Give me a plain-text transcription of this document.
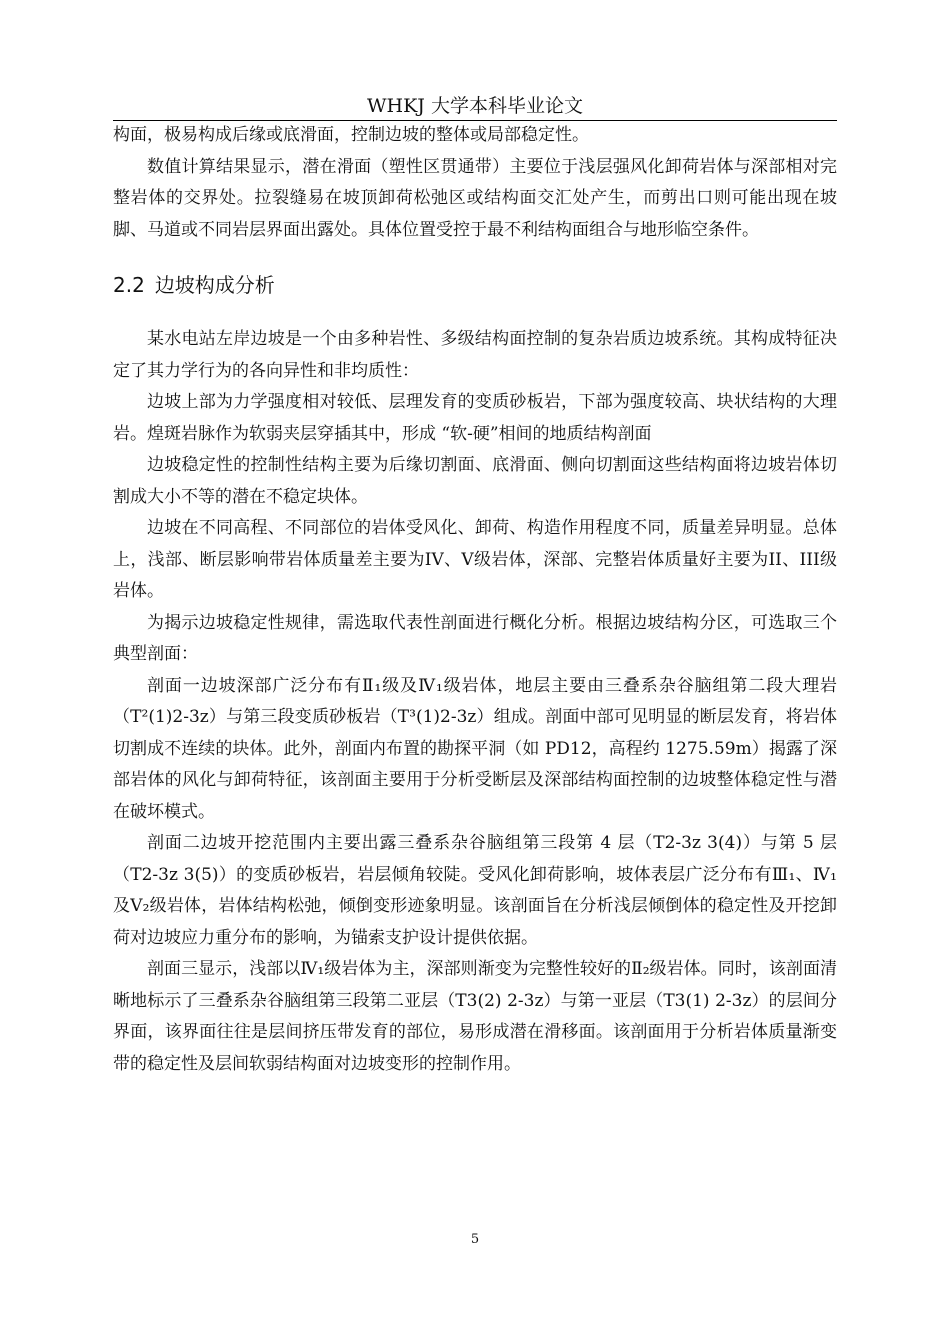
WHKJ 大学本科毕业论文

构面，极易构成后缘或底滑面，控制边坡的整体或局部稳定性。

数值计算结果显示，潜在滑面（塑性区贯通带）主要位于浅层强风化卸荷岩体与深部相对完整岩体的交界处。拉裂缝易在坡顶卸荷松弛区或结构面交汇处产生，而剪出口则可能出现在坡脚、马道或不同岩层界面出露处。具体位置受控于最不利结构面组合与地形临空条件。

2.2 边坡构成分析

某水电站左岸边坡是一个由多种岩性、多级结构面控制的复杂岩质边坡系统。其构成特征决定了其力学行为的各向异性和非均质性：

边坡上部为力学强度相对较低、层理发育的变质砂板岩，下部为强度较高、块状结构的大理岩。煌斑岩脉作为软弱夹层穿插其中，形成 “软-硬”相间的地质结构剖面

边坡稳定性的控制性结构主要为后缘切割面、底滑面、侧向切割面这些结构面将边坡岩体切割成大小不等的潜在不稳定块体。

边坡在不同高程、不同部位的岩体受风化、卸荷、构造作用程度不同，质量差异明显。总体上，浅部、断层影响带岩体质量差主要为IV、V级岩体，深部、完整岩体质量好主要为II、III级岩体。

为揭示边坡稳定性规律，需选取代表性剖面进行概化分析。根据边坡结构分区，可选取三个典型剖面：

剖面一边坡深部广泛分布有Ⅱ₁级及Ⅳ₁级岩体，地层主要由三叠系杂谷脑组第二段大理岩（T²(1)2-3z）与第三段变质砂板岩（T³(1)2-3z）组成。剖面中部可见明显的断层发育，将岩体切割成不连续的块体。此外，剖面内布置的勘探平洞（如 PD12，高程约 1275.59m）揭露了深部岩体的风化与卸荷特征，该剖面主要用于分析受断层及深部结构面控制的边坡整体稳定性与潜在破坏模式。

剖面二边坡开挖范围内主要出露三叠系杂谷脑组第三段第 4 层（T2-3z 3(4)）与第 5 层（T2-3z 3(5)）的变质砂板岩，岩层倾角较陡。受风化卸荷影响，坡体表层广泛分布有Ⅲ₁、Ⅳ₁及Ⅴ₂级岩体，岩体结构松弛，倾倒变形迹象明显。该剖面旨在分析浅层倾倒体的稳定性及开挖卸荷对边坡应力重分布的影响，为锚索支护设计提供依据。

剖面三显示，浅部以Ⅳ₁级岩体为主，深部则渐变为完整性较好的Ⅱ₂级岩体。同时，该剖面清晰地标示了三叠系杂谷脑组第三段第二亚层（T3(2) 2-3z）与第一亚层（T3(1) 2-3z）的层间分界面，该界面往往是层间挤压带发育的部位，易形成潜在滑移面。该剖面用于分析岩体质量渐变带的稳定性及层间软弱结构面对边坡变形的控制作用。

5
